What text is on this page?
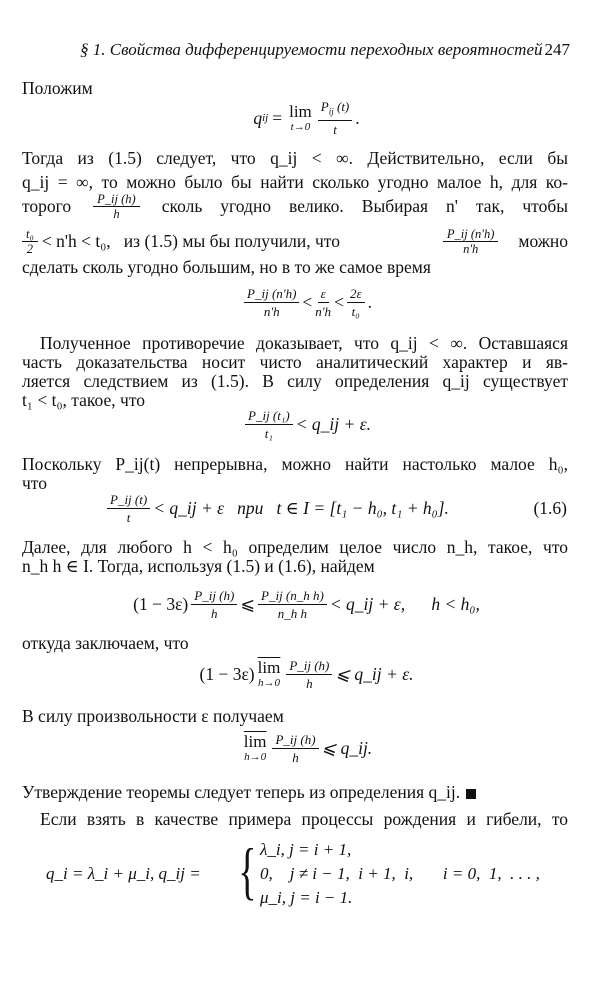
§ 1. Свойства дифференцируемости переходных вероятностей 247
Положим
q ij = lim
$t\to 0 \frac{P_{ij} (t)}{t}$ .
Тогда из (1.5) следует, что q_ij < ∞. Действительно, если бы
q_ij = ∞, то можно было бы найти сколько угодно малое h, для ко-
торого $\frac{P\_ij (h)}{h}$ сколь угодно велико. Выбирая n' так, чтобы
$\frac{\text{t₀}}{2} < n'h < t_0$,   из (1.5) мы бы получили, что	$\frac{P\_ij (n'h)}{n'h}$ можно
сделать сколь угодно большим, но в то же самое время
$\frac{P\_ij (n'h)}{n'h} < \frac{\varepsilon}{n'h} < \frac{2\varepsilon}{\text{t₀}}$ .
Полученное противоречие доказывает, что q_ij < ∞. Оставшаяся
часть доказательства носит чисто аналитический характер и яв-
ляется следствием из (1.5). В силу определения q_ij существует
t₁ < t₀, такое, что
$\frac{\text{P\_ij (t₁)}}{\text{t₁}}$ < q_ij + ε.
Поскольку P_ij(t) непрерывна, можно найти настолько малое h₀,
что
$\frac{P\_ij (t)}{t}$ < q_ij + ε   при   t ∈ I = [t₁ − h₀, t₁ + h₀].	(1.6)
Далее, для любого h < h₀ определим целое число n_h, такое, что
n_h h ∈ I. Тогда, используя (1.5) и (1.6), найдем
$(1 - 3\varepsilon) \frac{P\_ij (h)}{h}$ ⩽ $\frac{\text{P\_ij (n\_h h)}}{\text{n\_h h}}$ < q_ij + ε,      h < h₀,
откуда заключаем, что
(1 − 3ε) $\overline{lim}$
$h\to 0 \frac{P\_ij (h)}{h}$ ⩽ q_ij + ε.
В силу произвольности ε получаем
$\overline{lim}$
$h\to 0 \frac{P\_ij (h)}{h}$ ⩽ q_ij.
Утверждение теоремы следует теперь из определения q_ij.
Если взять в качестве примера процессы рождения и гибели, то
q_i = λ_i + μ_i, q_ij = { λ_i, j = i + 1,
0,    j ≠ i − 1,  i + 1,  i,       i = 0,  1,  . . . ,
μ_i, j = i − 1.
